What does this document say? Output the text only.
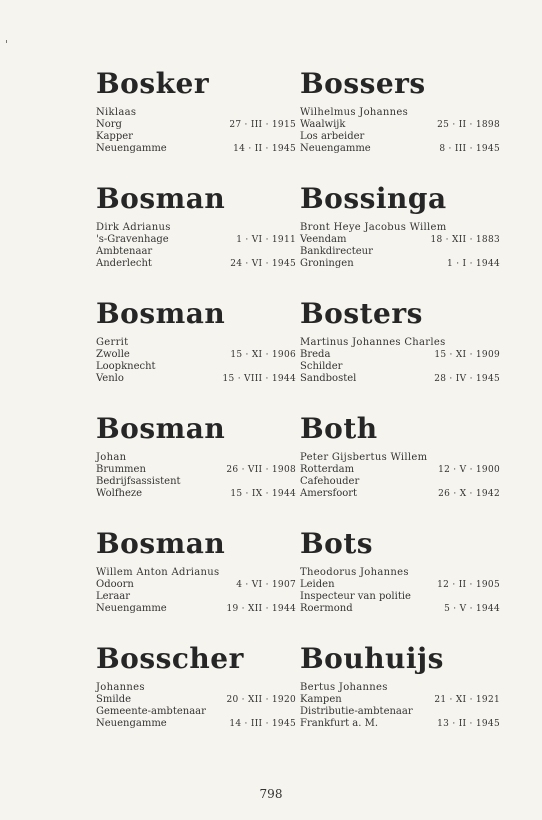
Bosker
Niklaas
Norg	27 · III · 1915
Kapper
Neuengamme	14 · II · 1945
Bosman
Dirk Adrianus
's-Gravenhage	1 · VI · 1911
Ambtenaar
Anderlecht	24 · VI · 1945
Bosman
Gerrit
Zwolle	15 · XI · 1906
Loopknecht
Venlo	15 · VIII · 1944
Bosman
Johan
Brummen	26 · VII · 1908
Bedrijfsassistent
Wolfheze	15 · IX · 1944
Bosman
Willem Anton Adrianus
Odoorn	4 · VI · 1907
Leraar
Neuengamme	19 · XII · 1944
Bosscher
Johannes
Smilde	20 · XII · 1920
Gemeente-ambtenaar
Neuengamme	14 · III · 1945
Bossers
Wilhelmus Johannes
Waalwijk	25 · II · 1898
Los arbeider
Neuengamme	8 · III · 1945
Bossinga
Bront Heye Jacobus Willem
Veendam	18 · XII · 1883
Bankdirecteur
Groningen	1 · I · 1944
Bosters
Martinus Johannes Charles
Breda	15 · XI · 1909
Schilder
Sandbostel	28 · IV · 1945
Both
Peter Gijsbertus Willem
Rotterdam	12 · V · 1900
Cafehouder
Amersfoort	26 · X · 1942
Bots
Theodorus Johannes
Leiden	12 · II · 1905
Inspecteur van politie
Roermond	5 · V · 1944
Bouhuijs
Bertus Johannes
Kampen	21 · XI · 1921
Distributie-ambtenaar
Frankfurt a. M.	13 · II · 1945
798
